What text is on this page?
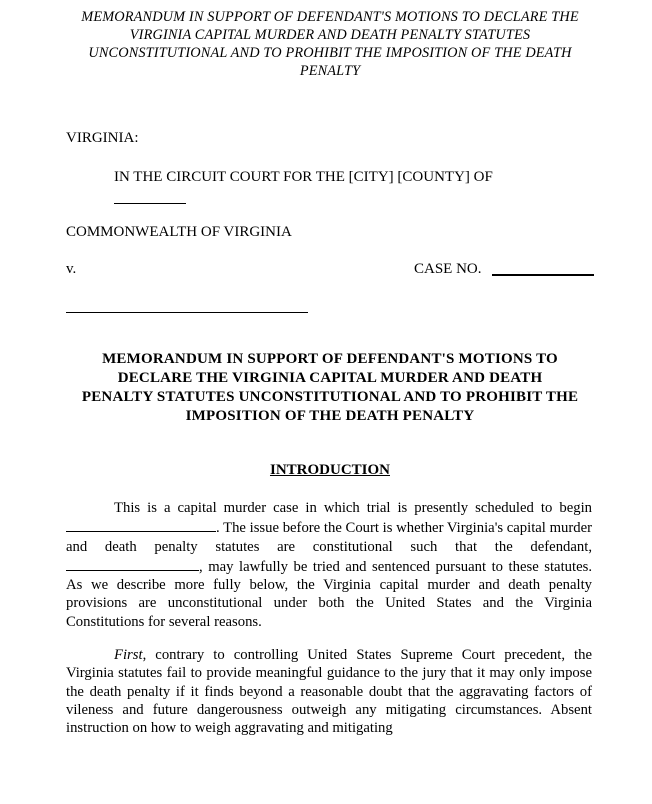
MEMORANDUM IN SUPPORT OF DEFENDANT'S MOTIONS TO DECLARE THE VIRGINIA CAPITAL MURDER AND DEATH PENALTY STATUTES UNCONSTITUTIONAL AND TO PROHIBIT THE IMPOSITION OF THE DEATH PENALTY
VIRGINIA:
IN THE CIRCUIT COURT FOR THE [CITY] [COUNTY] OF
COMMONWEALTH OF VIRGINIA
v.	CASE NO.
MEMORANDUM IN SUPPORT OF DEFENDANT'S MOTIONS TO
DECLARE THE VIRGINIA CAPITAL MURDER AND DEATH
PENALTY STATUTES UNCONSTITUTIONAL AND TO PROHIBIT THE
IMPOSITION OF THE DEATH PENALTY
INTRODUCTION
This is a capital murder case in which trial is presently scheduled to begin . The issue before the Court is whether Virginia's capital murder and death penalty statutes are constitutional such that the defendant, , may lawfully be tried and sentenced pursuant to these statutes. As we describe more fully below, the Virginia capital murder and death penalty provisions are unconstitutional under both the United States and the Virginia Constitutions for several reasons.
First, contrary to controlling United States Supreme Court precedent, the Virginia statutes fail to provide meaningful guidance to the jury that it may only impose the death penalty if it finds beyond a reasonable doubt that the aggravating factors of vileness and future dangerousness outweigh any mitigating circumstances. Absent instruction on how to weigh aggravating and mitigating
